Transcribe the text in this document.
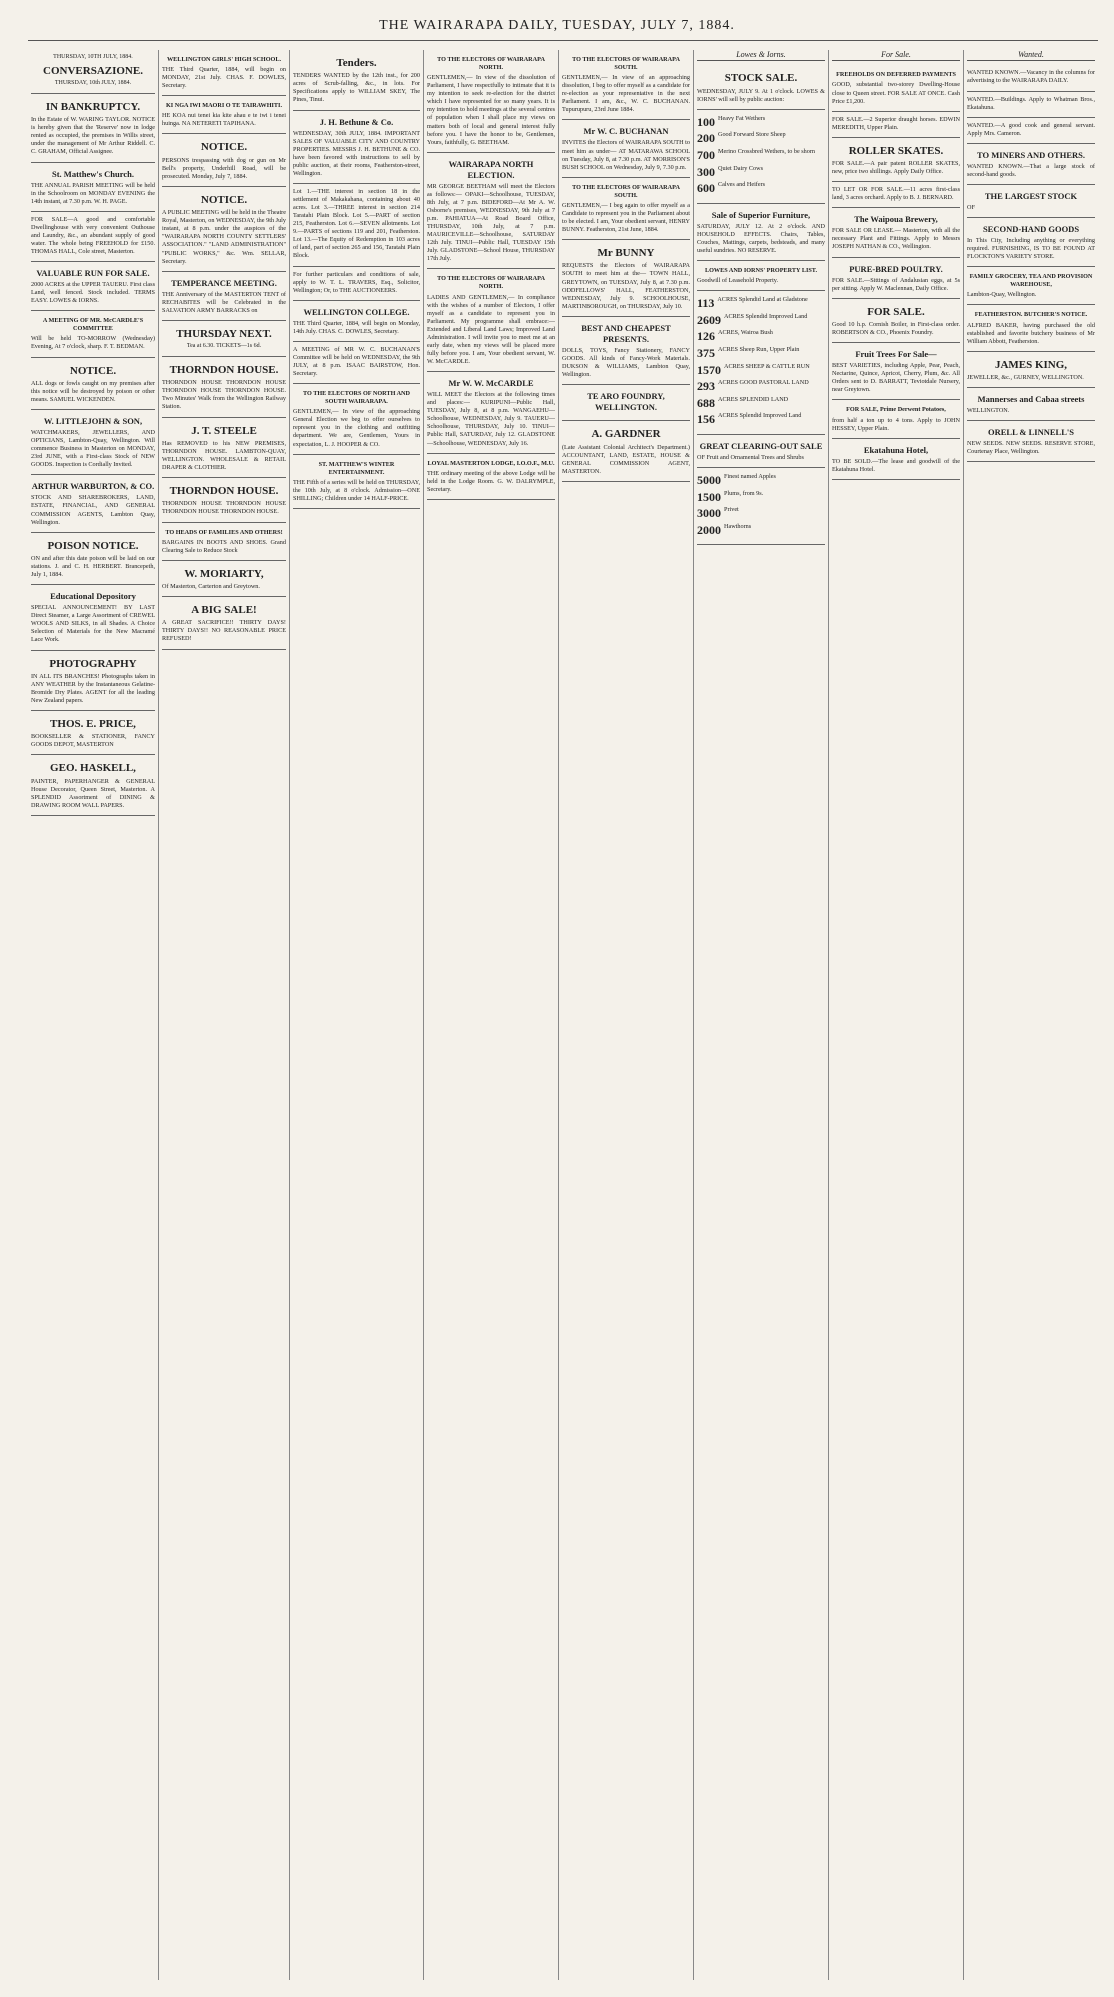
THE WAIRARAPA DAILY, TUESDAY, JULY 7, 1884.
THURSDAY, 10TH JULY, 1884.
CONVERSAZIONE.
THURSDAY, 10th JULY, 1884.
IN BANKRUPTCY.
In the Estate of W. WARING TAYLOR. NOTICE is hereby given that the 'Reserve' now in lodge rented as occupied, the premises in Willis street, under the management of Mr Arthur Riddell. C. C. GRAHAM, Official Assignee.
St. Matthew's Church.
THE ANNUAL PARISH MEETING will be held in the Schoolroom on MONDAY EVENING the 14th instant, at 7.30 p.m. W. H. PAGE.
FOR SALE—A good and comfortable Dwellinghouse with very convenient Outhouse and Laundry, &c., an abundant supply of good water. The whole being FREEHOLD for £150. THOMAS HALL, Cole street, Masterton.
VALUABLE RUN FOR SALE.
2000 ACRES at the UPPER TAUERU. First class Land, well fenced. Stock included. TERMS EASY. LOWES & IORNS.
A MEETING OF MR. McCARDLE'S COMMITTEE
Will be held TO-MORROW (Wednesday) Evening, At 7 o'clock, sharp. F. T. BEDMAN.
NOTICE.
ALL dogs or fowls caught on my premises after this notice will be destroyed by poison or other means. SAMUEL WICKENDEN.
W. LITTLEJOHN & SON,
WATCHMAKERS, JEWELLERS, AND OPTICIANS, Lambton-Quay, Wellington. Will commence Business in Masterton on MONDAY, 23rd JUNE, with a First-class Stock of NEW GOODS. Inspection is Cordially Invited.
ARTHUR WARBURTON, & CO.
STOCK AND SHAREBROKERS, LAND, ESTATE, FINANCIAL, AND GENERAL COMMISSION AGENTS, Lambton Quay, Wellington.
POISON NOTICE.
ON and after this date poison will be laid on our stations. J. and C. H. HERBERT. Brancepeth, July 1, 1884.
Educational Depository
SPECIAL ANNOUNCEMENT! BY LAST Direct Steamer, a Large Assortment of CREWEL WOOLS AND SILKS, in all Shades. A Choice Selection of Materials for the New Macramé Lace Work.
PHOTOGRAPHY
IN ALL ITS BRANCHES! Photographs taken in ANY WEATHER by the Instantaneous Gelatine-Bromide Dry Plates. AGENT for all the leading New Zealand papers.
THOS. E. PRICE,
BOOKSELLER & STATIONER, FANCY GOODS DEPOT, MASTERTON
GEO. HASKELL,
PAINTER, PAPERHANGER & GENERAL House Decorator, Queen Street, Masterton. A SPLENDID Assortment of DINING & DRAWING ROOM WALL PAPERS.
WELLINGTON GIRLS' HIGH SCHOOL.
THE Third Quarter, 1884, will begin on MONDAY, 21st July. CHAS. F. DOWLES, Secretary.
KI NGA IWI MAORI O TE TAIRAWHITI.
HE KOA nui tenei kia kite ahau e te iwi i tenei huinga. NA NETERETI TAPIHANA.
NOTICE.
PERSONS trespassing with dog or gun on Mr Bell's property, Underhill Road, will be prosecuted. Monday, July 7, 1884.
NOTICE.
A PUBLIC MEETING will be held in the Theatre Royal, Masterton, on WEDNESDAY, the 9th July instant, at 8 p.m. under the auspices of the "WAIRARAPA NORTH COUNTY SETTLERS' ASSOCIATION." "LAND ADMINISTRATION" "PUBLIC WORKS," &c. Wm. SELLAR, Secretary.
TEMPERANCE MEETING.
THE Anniversary of the MASTERTON TENT of RECHABITES will be Celebrated in the SALVATION ARMY BARRACKS on
THURSDAY NEXT.
Tea at 6.30. TICKETS—1s 6d.
THORNDON HOUSE.
THORNDON HOUSE THORNDON HOUSE THORNDON HOUSE THORNDON HOUSE. Two Minutes' Walk from the Wellington Railway Station.
J. T. STEELE
Has REMOVED to his NEW PREMISES, THORNDON HOUSE. LAMBTON-QUAY, WELLINGTON. WHOLESALE & RETAIL DRAPER & CLOTHIER.
THORNDON HOUSE.
THORNDON HOUSE THORNDON HOUSE THORNDON HOUSE THORNDON HOUSE.
TO HEADS OF FAMILIES AND OTHERS!
BARGAINS IN BOOTS AND SHOES. Grand Clearing Sale to Reduce Stock
W. MORIARTY,
Of Masterton, Carterton and Greytown.
A BIG SALE!
A GREAT SACRIFICE!! THIRTY DAYS! THIRTY DAYS!! NO REASONABLE PRICE REFUSED!
Tenders.
TENDERS WANTED by the 12th inst., for 200 acres of Scrub-falling, &c., in lots. For Specifications apply to WILLIAM SKEY, The Pines, Tinui.
J. H. Bethune & Co.
WEDNESDAY, 30th JULY, 1884. IMPORTANT SALES OF VALUABLE CITY AND COUNTRY PROPERTIES. MESSRS J. H. BETHUNE & CO. have been favored with instructions to sell by public auction, at their rooms, Featherston-street, Wellington.
Lot 1.—THE interest in section 18 in the settlement of Makakahana, containing about 40 acres. Lot 3.—THREE interest in section 214 Taratahi Plain Block. Lot 5.—PART of section 215, Featherston. Lot 6.—SEVEN allotments. Lot 9.—PARTS of sections 119 and 201, Featherston. Lot 13.—The Equity of Redemption in 103 acres of land, part of section 265 and 156, Taratahi Plain Block.
For further particulars and conditions of sale, apply to W. T. L. TRAVERS, Esq., Solicitor, Wellington; Or, to THE AUCTIONEERS.
WELLINGTON COLLEGE.
THE Third Quarter, 1884, will begin on Monday, 14th July. CHAS. C. DOWLES, Secretary.
A MEETING of MR W. C. BUCHANAN'S Committee will be held on WEDNESDAY, the 9th JULY, at 8 p.m. ISAAC BAIRSTOW, Hon. Secretary.
TO THE ELECTORS OF NORTH AND SOUTH WAIRARAPA.
GENTLEMEN,— In view of the approaching General Election we beg to offer ourselves to represent you in the clothing and outfitting department. We are, Gentlemen, Yours in expectation, L. J. HOOPER & CO.
ST. MATTHEW'S WINTER ENTERTAINMENT.
THE Fifth of a series will be held on THURSDAY, the 10th July, at 8 o'clock. Admission—ONE SHILLING; Children under 14 HALF-PRICE.
TO THE ELECTORS OF WAIRARAPA NORTH.
GENTLEMEN,— In view of the dissolution of Parliament, I have respectfully to intimate that it is my intention to seek re-election for the district which I have represented for so many years. It is my intention to hold meetings at the several centres of population when I shall place my views on matters both of local and general interest fully before you. I have the honor to be, Gentlemen, Yours, faithfully, G. BEETHAM.
WAIRARAPA NORTH ELECTION.
MR GEORGE BEETHAM will meet the Electors as follows:— OPAKI—Schoolhouse, TUESDAY, 8th July, at 7 p.m. BIDEFORD—At Mr A. W. Osborne's premises, WEDNESDAY, 9th July at 7 p.m. PAHIATUA—At Road Board Office, THURSDAY, 10th July, at 7 p.m. MAURICEVILLE—Schoolhouse, SATURDAY 12th July. TINUI—Public Hall, TUESDAY 15th July. GLADSTONE—School House, THURSDAY 17th July.
TO THE ELECTORS OF WAIRARAPA NORTH.
LADIES AND GENTLEMEN,— In compliance with the wishes of a number of Electors, I offer myself as a candidate to represent you in Parliament. My programme shall embrace:— Extended and Liberal Land Laws; Improved Land Administration. I will invite you to meet me at an early date, when my views will be placed more fully before you. I am, Your obedient servant, W. W. McCARDLE.
Mr W. W. McCARDLE
WILL MEET the Electors at the following times and places:— KURIPUNI—Public Hall, TUESDAY, July 8, at 8 p.m. WANGAEHU—Schoolhouse, WEDNESDAY, July 9. TAUERU—Schoolhouse, THURSDAY, July 10. TINUI—Public Hall, SATURDAY, July 12. GLADSTONE—Schoolhouse, WEDNESDAY, July 16.
LOYAL MASTERTON LODGE, I.O.O.F., M.U.
THE ordinary meeting of the above Lodge will be held in the Lodge Room. G. W. DALRYMPLE, Secretary.
TO THE ELECTORS OF WAIRARAPA SOUTH.
GENTLEMEN,— In view of an approaching dissolution, I beg to offer myself as a candidate for re-election as your representative in the next Parliament. I am, &c., W. C. BUCHANAN. Tupurupuru, 23rd June 1884.
Mr W. C. BUCHANAN
INVITES the Electors of WAIRARAPA SOUTH to meet him as under— AT MATARAWA SCHOOL on Tuesday, July 8, at 7.30 p.m. AT MORRISON'S BUSH SCHOOL on Wednesday, July 9, 7.30 p.m.
TO THE ELECTORS OF WAIRARAPA SOUTH.
GENTLEMEN,— I beg again to offer myself as a Candidate to represent you in the Parliament about to be elected. I am, Your obedient servant, HENRY BUNNY. Featherston, 21st June, 1884.
Mr BUNNY
REQUESTS the Electors of WAIRARAPA SOUTH to meet him at the— TOWN HALL, GREYTOWN, on TUESDAY, July 8, at 7.30 p.m. ODDFELLOWS' HALL, FEATHERSTON, WEDNESDAY, July 9. SCHOOLHOUSE, MARTINBOROUGH, on THURSDAY, July 10.
BEST AND CHEAPEST PRESENTS.
DOLLS, TOYS, Fancy Stationery, FANCY GOODS. All kinds of Fancy-Work Materials. DUKSON & WILLIAMS, Lambton Quay, Wellington.
TE ARO FOUNDRY, WELLINGTON.
A. GARDNER
(Late Assistant Colonial Architect's Department.) ACCOUNTANT, LAND, ESTATE, HOUSE & GENERAL COMMISSION AGENT, MASTERTON.
Lowes & Iorns.
STOCK SALE.
WEDNESDAY, JULY 9. At 1 o'clock. LOWES & IORNS' will sell by public auction:
100 Heavy Fat Wethers
200 Good Forward Store Sheep
700 Merino Crossbred Wethers, to be shorn
300 Quiet Dairy Cows
600 Calves and Heifers
Sale of Superior Furniture,
SATURDAY, JULY 12. At 2 o'clock. AND HOUSEHOLD EFFECTS. Chairs, Tables, Couches, Mattings, carpets, bedsteads, and many useful sundries. NO RESERVE.
LOWES AND IORNS' PROPERTY LIST.
Goodwill of Leasehold Property.
113 ACRES Splendid Land at Gladstone
2609 ACRES Splendid Improved Land
126 ACRES, Wairoa Bush
375 ACRES Sheep Run, Upper Plain
1570 ACRES SHEEP & CATTLE RUN
293 ACRES GOOD PASTORAL LAND
688 ACRES SPLENDID LAND
156 ACRES Splendid Improved Land
GREAT CLEARING-OUT SALE
OF Fruit and Ornamental Trees and Shrubs
5000 Finest named Apples
1500 Plums, from 9s.
3000 Privet
2000 Hawthorns
For Sale.
FREEHOLDS ON DEFERRED PAYMENTS
GOOD, substantial two-storey Dwelling-House close to Queen street. FOR SALE AT ONCE. Cash Price £1,200.
FOR SALE.—2 Superior draught horses. EDWIN MEREDITH, Upper Plain.
ROLLER SKATES.
FOR SALE.—A pair patent ROLLER SKATES, new, price two shillings. Apply Daily Office.
TO LET OR FOR SALE.—11 acres first-class land, 3 acres orchard. Apply to B. J. BERNARD.
The Waipoua Brewery,
FOR SALE OR LEASE.— Masterton, with all the necessary Plant and Fittings. Apply to Messrs JOSEPH NATHAN & CO., Wellington.
PURE-BRED POULTRY.
FOR SALE.—Sittings of Andalusian eggs, at 5s per sitting. Apply W. Maclennan, Daily Office.
FOR SALE.
Good 10 h.p. Cornish Boiler, in First-class order. ROBERTSON & CO., Phoenix Foundry.
Fruit Trees For Sale—
BEST VARIETIES, including Apple, Pear, Peach, Nectarine, Quince, Apricot, Cherry, Plum, &c. All Orders sent to D. BARRATT, Teviotdale Nursery, near Greytown.
FOR SALE, Prime Derwent Potatoes,
from half a ton up to 4 tons. Apply to JOHN HESSEY, Upper Plain.
Ekatahuna Hotel,
TO BE SOLD.—The lease and goodwill of the Ekatahuna Hotel.
Wanted.
WANTED KNOWN.—Vacancy in the columns for advertising to the WAIRARAPA DAILY.
WANTED.—Buildings. Apply to Whatman Bros., Ekatahuna.
WANTED.—A good cook and general servant. Apply Mrs. Cameron.
TO MINERS AND OTHERS.
WANTED KNOWN.—That a large stock of second-hand goods.
THE LARGEST STOCK
OF
SECOND-HAND GOODS
In This City, Including anything or everything required. FURNISHING, IS TO BE FOUND AT FLOCKTON'S VARIETY STORE.
FAMILY GROCERY, TEA AND PROVISION WAREHOUSE,
Lambton-Quay, Wellington.
FEATHERSTON. BUTCHER'S NOTICE.
ALFRED BAKER, having purchased the old established and favorite butchery business of Mr William Abbott, Featherston.
JAMES KING,
JEWELLER, &c., GURNEY, WELLINGTON.
Mannerses and Cabaa streets
WELLINGTON.
ORELL & LINNELL'S
NEW SEEDS. NEW SEEDS. RESERVE STORE, Courtenay Place, Wellington.
